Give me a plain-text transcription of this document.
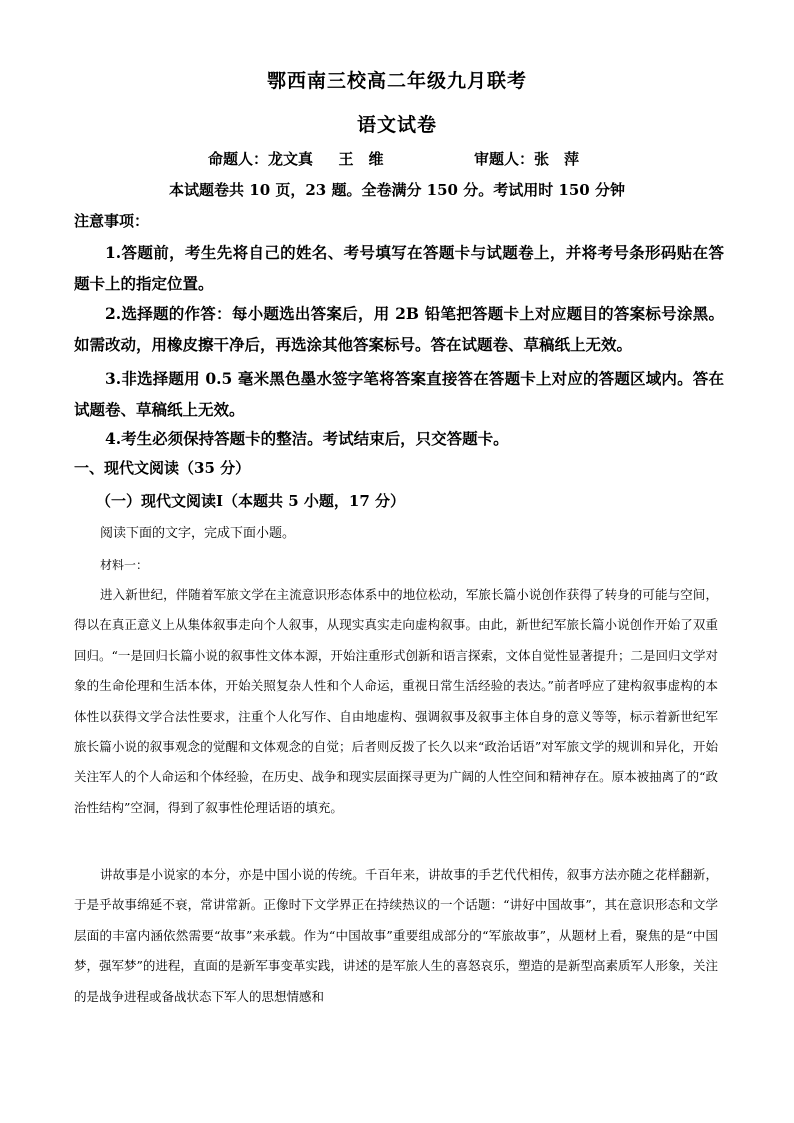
鄂西南三校高二年级九月联考
语文试卷
命题人：龙文真　  王　维	审题人：张　萍
本试题卷共 10 页，23 题。全卷满分 150 分。考试用时 150 分钟
注意事项：
1.答题前，考生先将自己的姓名、考号填写在答题卡与试题卷上，并将考号条形码贴在答题卡上的指定位置。
2.选择题的作答：每小题选出答案后，用 2B 铅笔把答题卡上对应题目的答案标号涂黑。如需改动，用橡皮擦干净后，再选涂其他答案标号。答在试题卷、草稿纸上无效。
3.非选择题用 0.5 毫米黑色墨水签字笔将答案直接答在答题卡上对应的答题区域内。答在试题卷、草稿纸上无效。
4.考生必须保持答题卡的整洁。考试结束后，只交答题卡。
一、现代文阅读（35 分）
（一）现代文阅读Ⅰ（本题共 5 小题，17 分）
阅读下面的文字，完成下面小题。
材料一：
进入新世纪，伴随着军旅文学在主流意识形态体系中的地位松动，军旅长篇小说创作获得了转身的可能与空间，得以在真正意义上从集体叙事走向个人叙事，从现实真实走向虚构叙事。由此，新世纪军旅长篇小说创作开始了双重回归。“一是回归长篇小说的叙事性文体本源，开始注重形式创新和语言探索，文体自觉性显著提升；二是回归文学对象的生命伦理和生活本体，开始关照复杂人性和个人命运，重视日常生活经验的表达。”前者呼应了建构叙事虚构的本体性以获得文学合法性要求，注重个人化写作、自由地虚构、强调叙事及叙事主体自身的意义等等，标示着新世纪军旅长篇小说的叙事观念的觉醒和文体观念的自觉；后者则反拨了长久以来“政治话语”对军旅文学的规训和异化，开始关注军人的个人命运和个体经验，在历史、战争和现实层面探寻更为广阔的人性空间和精神存在。原本被抽离了的“政治性结构”空洞，得到了叙事性伦理话语的填充。
讲故事是小说家的本分，亦是中国小说的传统。千百年来，讲故事的手艺代代相传，叙事方法亦随之花样翻新，于是乎故事绵延不衰，常讲常新。正像时下文学界正在持续热议的一个话题：“讲好中国故事”，其在意识形态和文学层面的丰富内涵依然需要“故事”来承载。作为“中国故事”重要组成部分的“军旅故事”，从题材上看，聚焦的是“中国梦，强军梦”的进程，直面的是新军事变革实践，讲述的是军旅人生的喜怒哀乐，塑造的是新型高素质军人形象，关注的是战争进程或备战状态下军人的思想情感和
